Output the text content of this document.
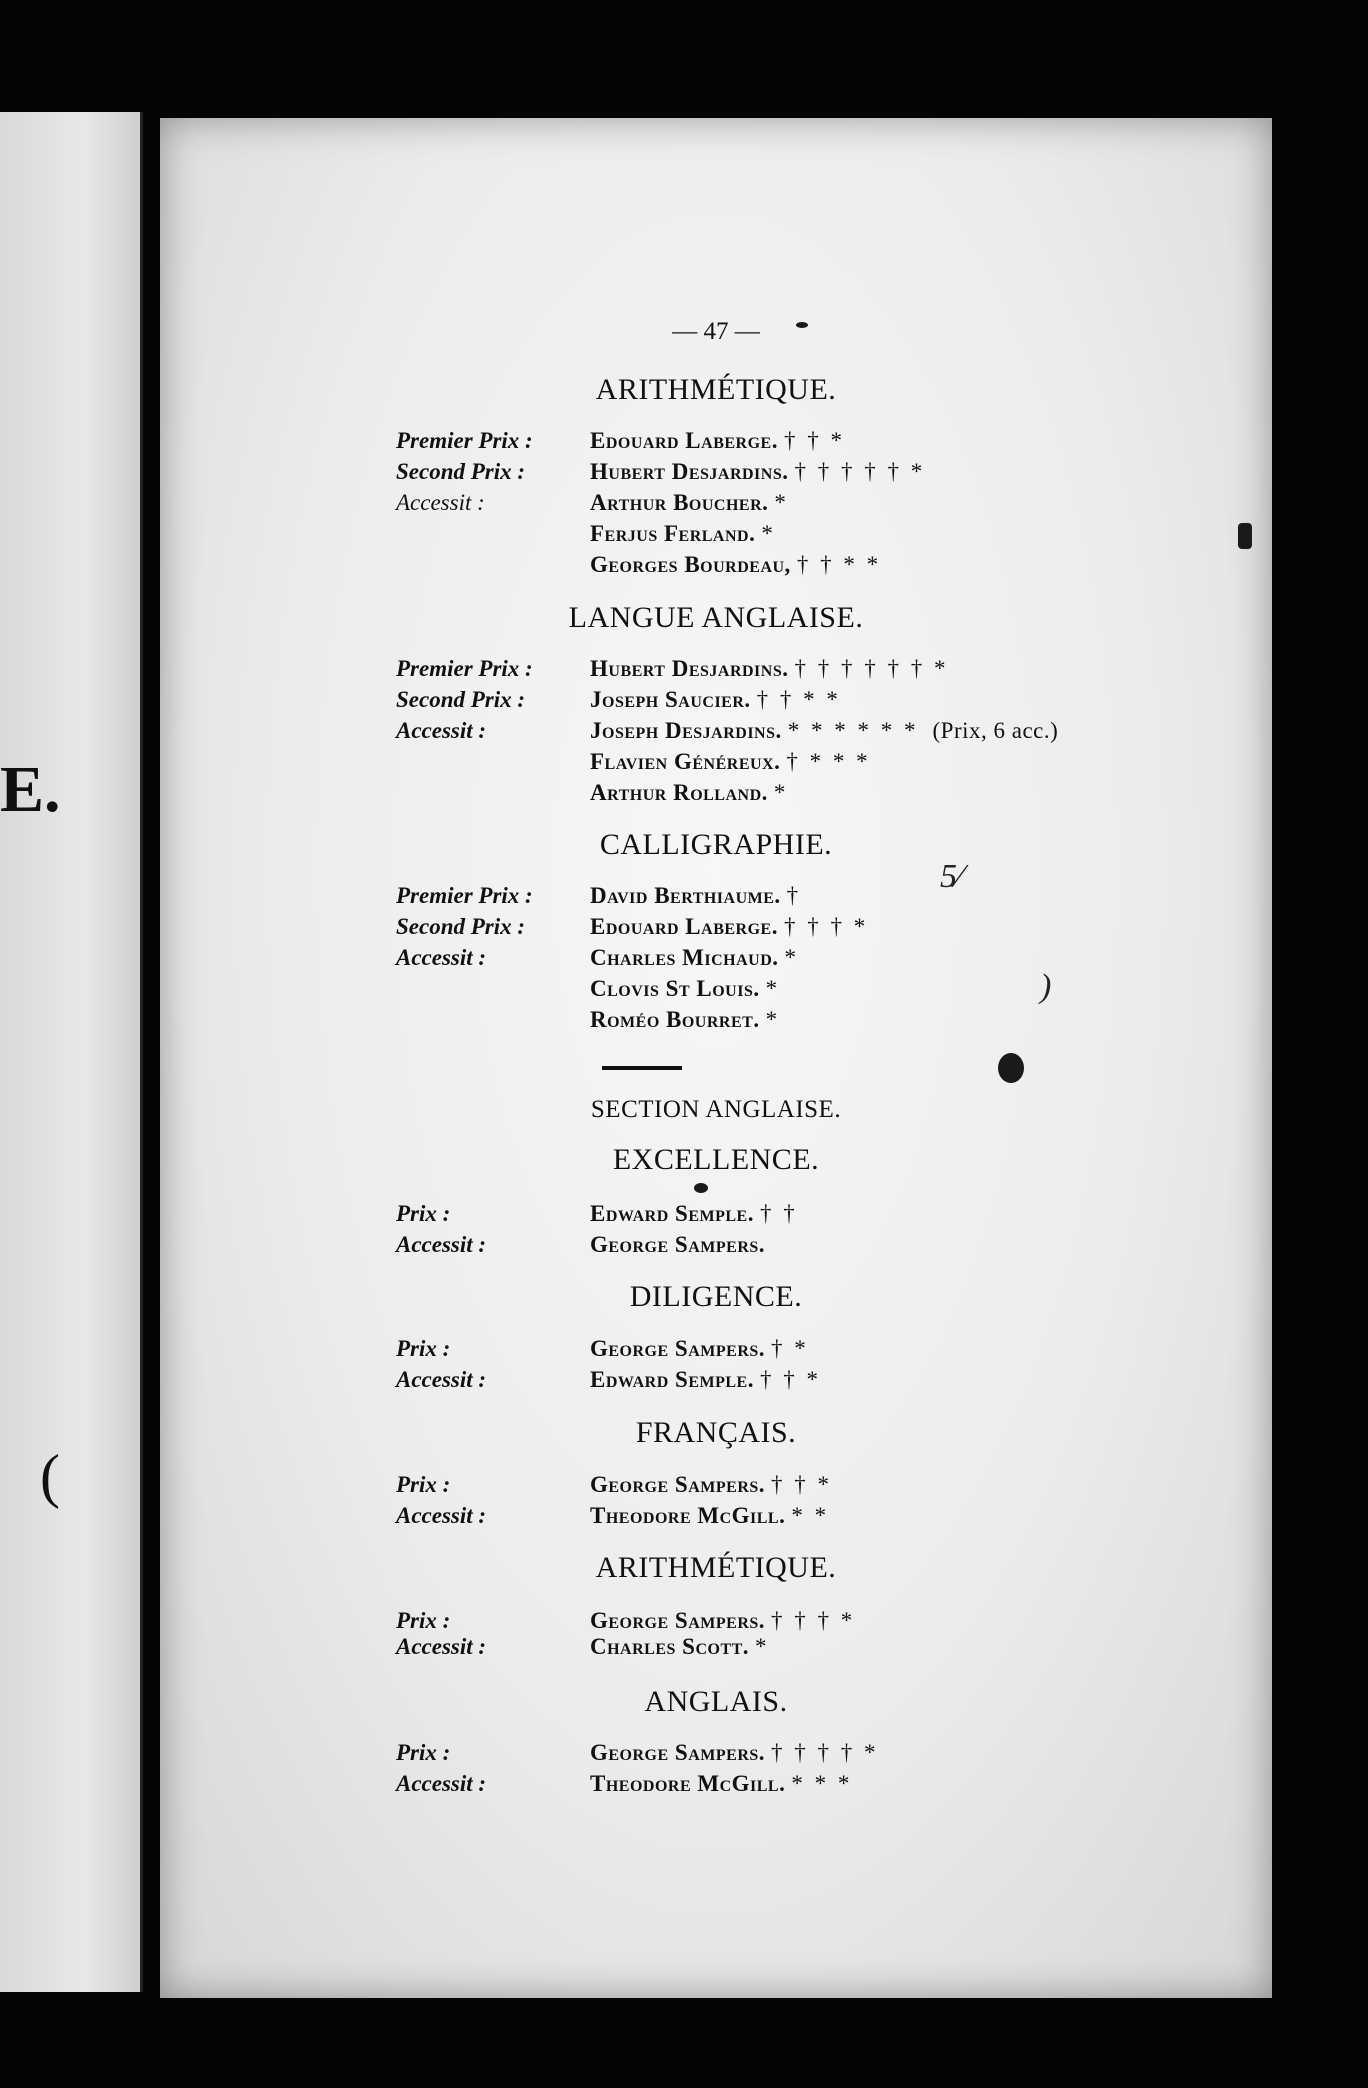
E.
(
— 47 —
ARITHMÉTIQUE.
Premier Prix : Edouard Laberge. † † *
Second Prix :	Hubert Desjardins. † † † † † *
Accessit :	Arthur Boucher. *
Ferjus Ferland. *
Georges Bourdeau, † † * *
LANGUE ANGLAISE.
Premier Prix : Hubert Desjardins. † † † † † † *
Second Prix :	Joseph Saucier. † † * *
Accessit :	Joseph Desjardins. * * * * * * (Prix, 6 acc.)
Flavien Généreux. † * * *
Arthur Rolland. *
CALLIGRAPHIE.
Premier Prix : David Berthiaume. †
Second Prix :	Edouard Laberge. † † † *
Accessit :	Charles Michaud. *
Clovis St Louis. *
Roméo Bourret. *
SECTION ANGLAISE.
EXCELLENCE.
Prix :	Edward Semple. † †
Accessit :	George Sampers.
DILIGENCE.
Prix :	George Sampers. † *
Accessit :	Edward Semple. † † *
FRANÇAIS.
Prix :	George Sampers. † † *
Accessit :	Theodore McGill. * *
ARITHMÉTIQUE.
Prix :	George Sampers. † † † *
Accessit :	Charles Scott. *
ANGLAIS.
Prix :	George Sampers. † † † † *
Accessit :	Theodore McGill. * * *
5⁄
)
